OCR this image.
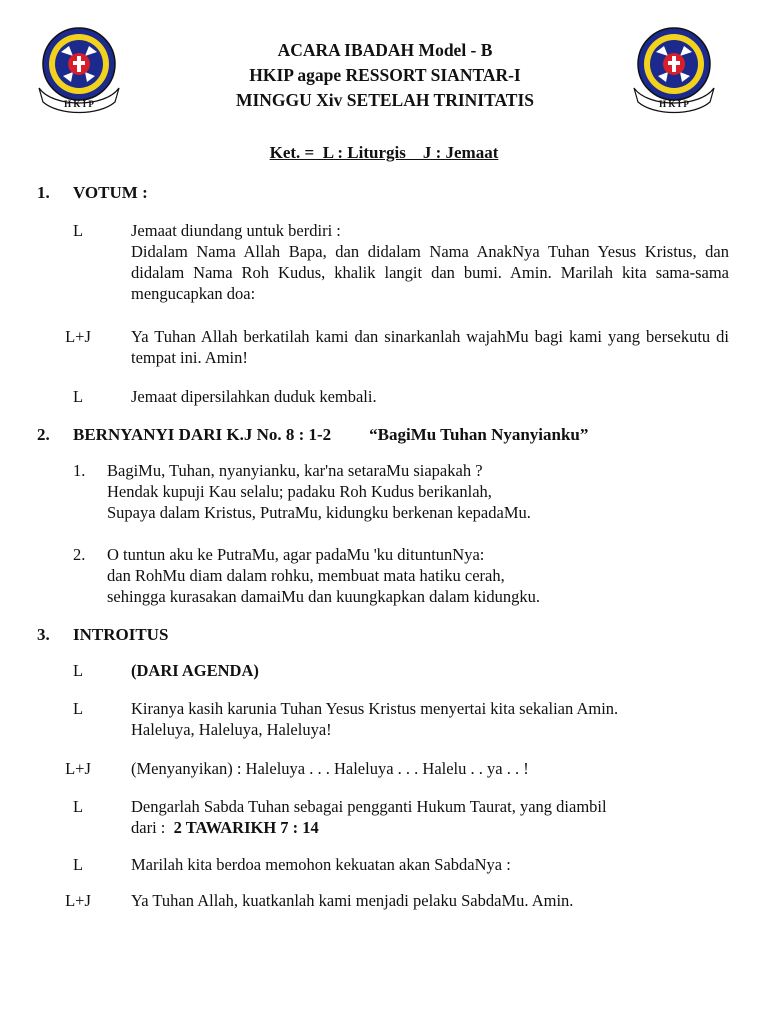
H K I P	H K I P
ACARA IBADAH Model - B
HKIP agape RESSORT SIANTAR-I
MINGGU Xiv SETELAH TRINITATIS
Ket. =  L : Liturgis    J : Jemaat
1. VOTUM :
L	Jemaat diundang untuk berdiri :
Didalam Nama Allah Bapa, dan didalam Nama AnakNya Tuhan Yesus Kristus, dan didalam Nama Roh Kudus, khalik langit dan bumi. Amin. Marilah kita sama-sama mengucapkan doa:
L+J	Ya Tuhan Allah berkatilah kami dan sinarkanlah wajahMu bagi kami yang bersekutu di tempat ini. Amin!
L	Jemaat dipersilahkan duduk kembali.
2. BERNYANYI DARI K.J No. 8 : 1-2 “BagiMu Tuhan Nyanyianku”
1. BagiMu, Tuhan, nyanyianku, kar'na setaraMu siapakah ?
Hendak kupuji Kau selalu; padaku Roh Kudus berikanlah,
Supaya dalam Kristus, PutraMu, kidungku berkenan kepadaMu.
2. O tuntun aku ke PutraMu, agar padaMu 'ku dituntunNya:
dan RohMu diam dalam rohku, membuat mata hatiku cerah,
sehingga kurasakan damaiMu dan kuungkapkan dalam kidungku.
3. INTROITUS
L	(DARI AGENDA)
L	Kiranya kasih karunia Tuhan Yesus Kristus menyertai kita sekalian Amin.
Haleluya, Haleluya, Haleluya!
L+J	(Menyanyikan) : Haleluya . . . Haleluya . . . Halelu . . ya . . !
L	Dengarlah Sabda Tuhan sebagai pengganti Hukum Taurat, yang diambil
dari : 2 TAWARIKH 7 : 14
L	Marilah kita berdoa memohon kekuatan akan SabdaNya :
L+J	Ya Tuhan Allah, kuatkanlah kami menjadi pelaku SabdaMu. Amin.
